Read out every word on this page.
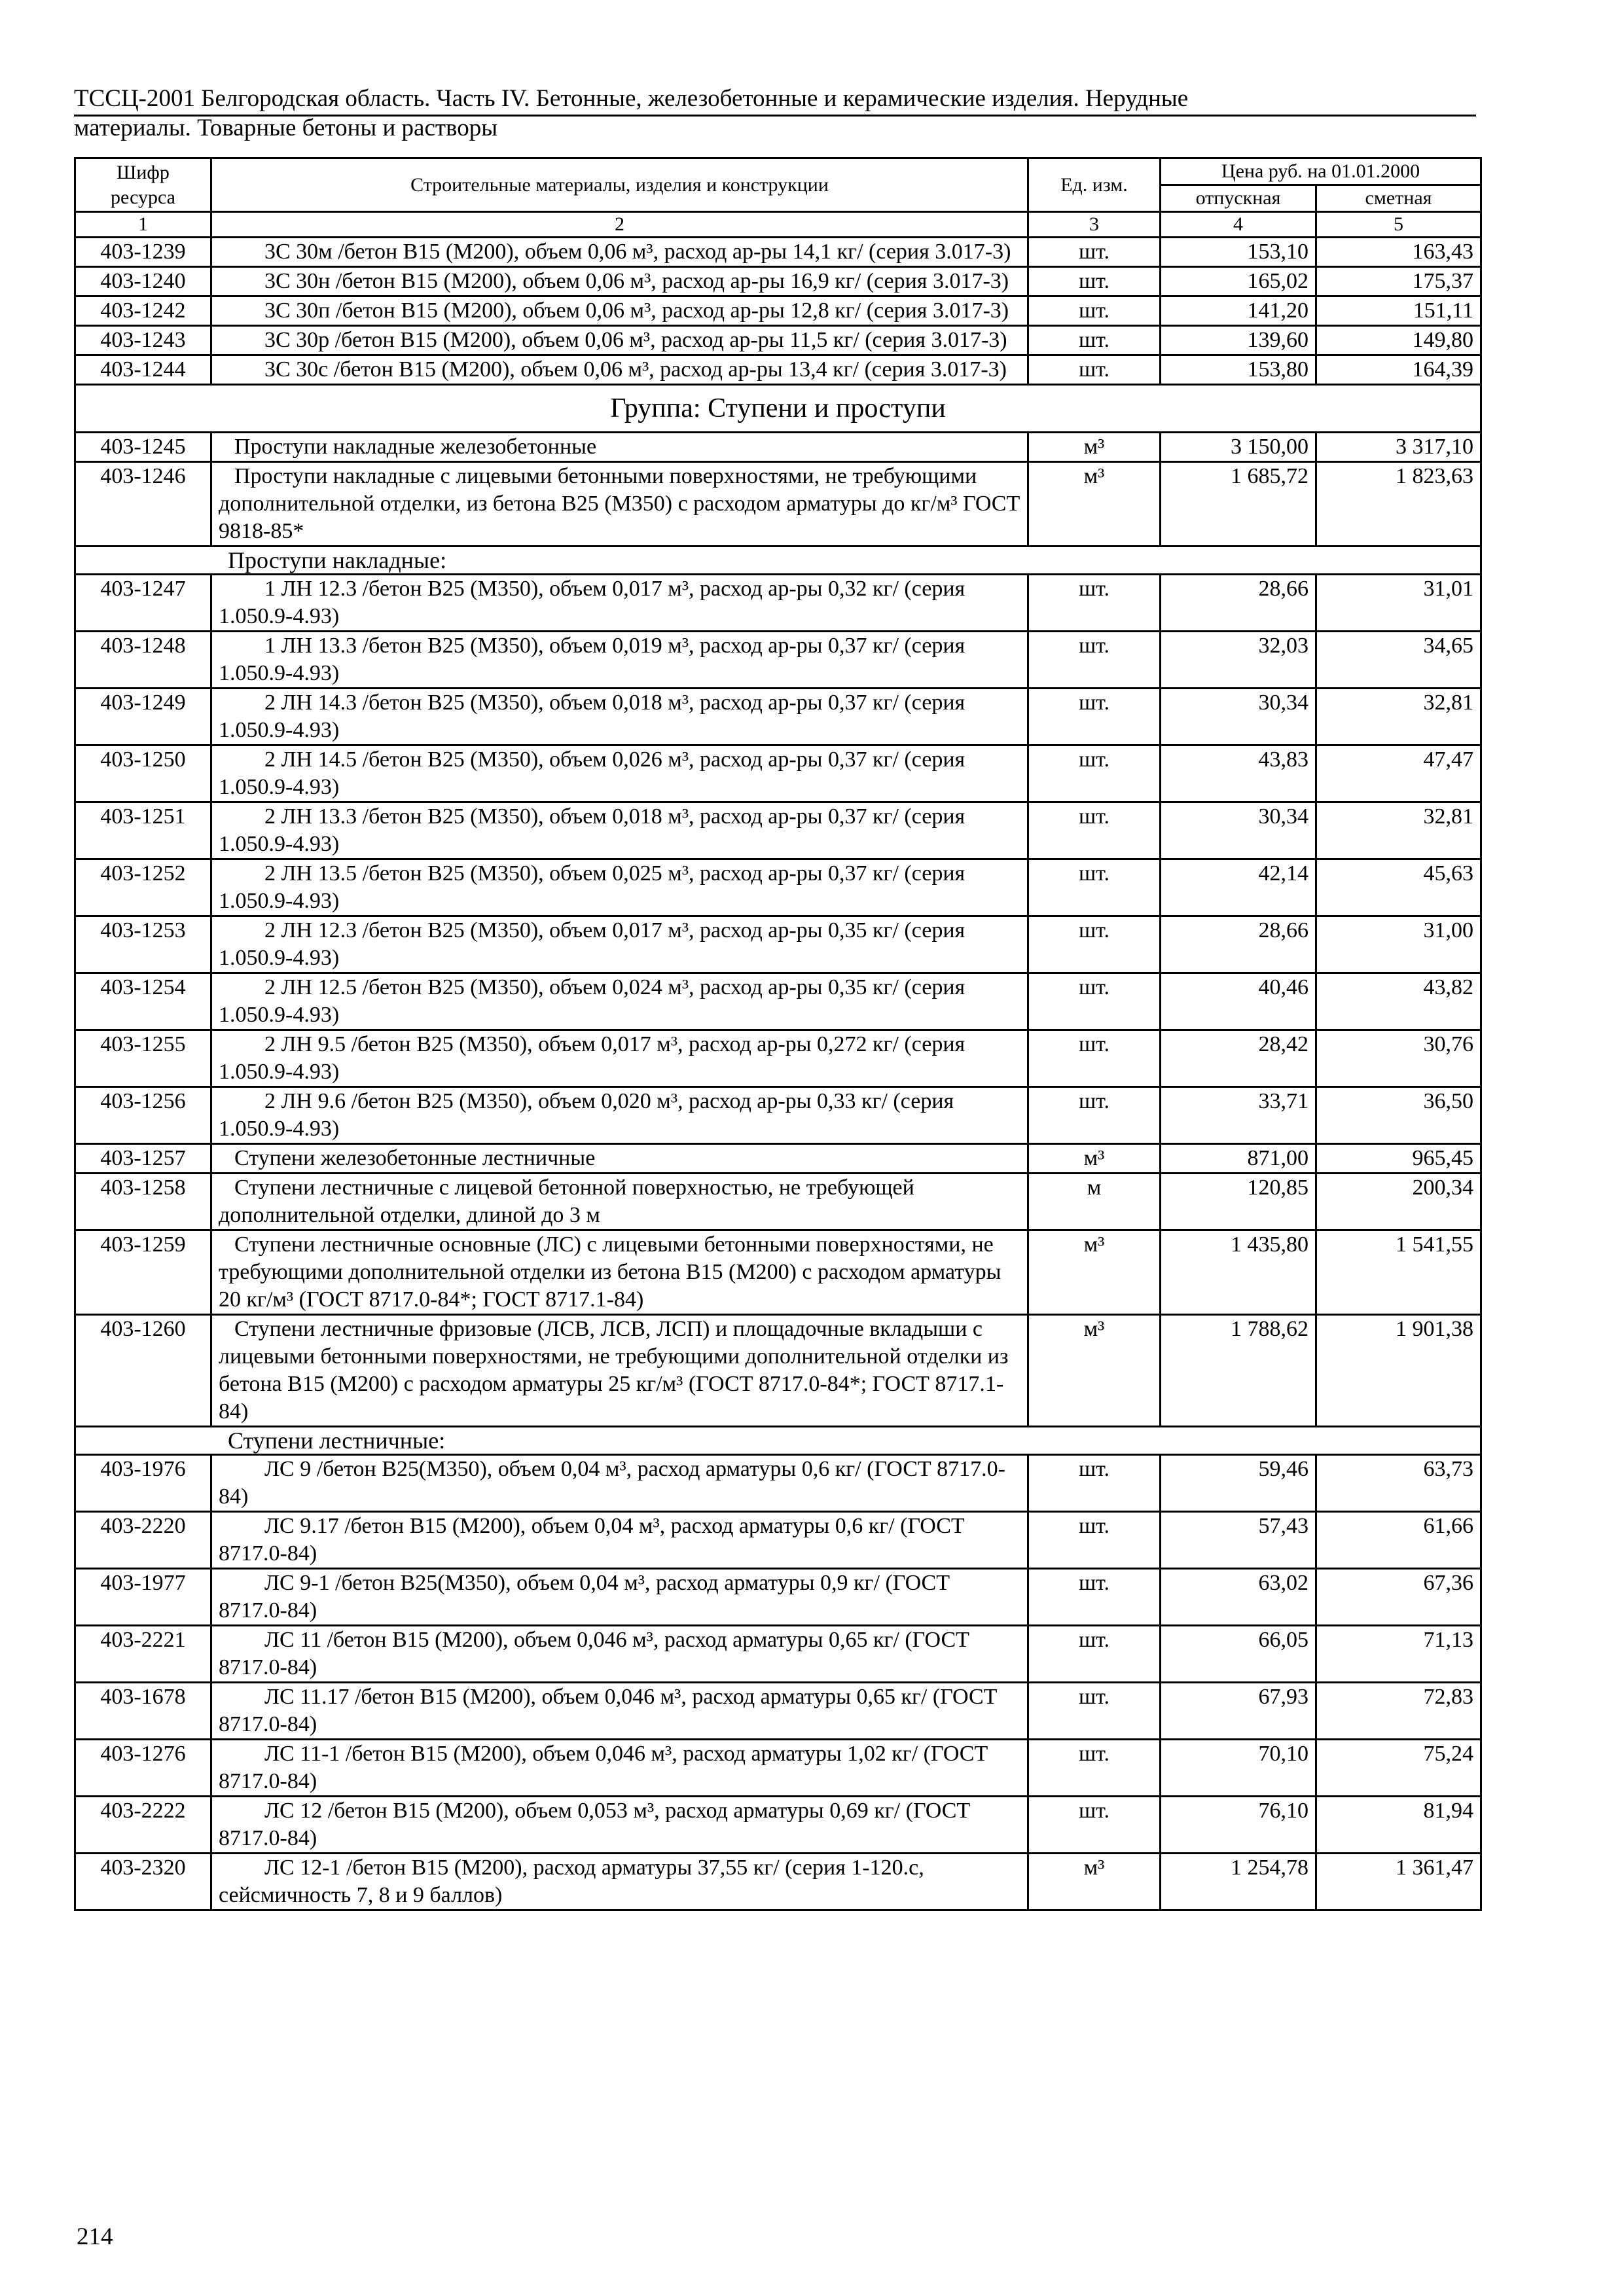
ТССЦ-2001 Белгородская область. Часть IV. Бетонные, железобетонные и керамические изделия. Нерудные
материалы. Товарные бетоны и растворы
Шифр ресурса	Строительные материалы, изделия и конструкции	Ед. изм.	Цена руб. на 01.01.2000	
			отпускная	сметная
1	2	3	4	5
403-1239	3С 30м /бетон В15 (М200), объем 0,06 м³, расход ар-ры 14,1 кг/ (серия 3.017-3)	шт.	153,10	163,43
403-1240	3С 30н /бетон В15 (М200), объем 0,06 м³, расход ар-ры 16,9 кг/ (серия 3.017-3)	шт.	165,02	175,37
403-1242	3С 30п /бетон В15 (М200), объем 0,06 м³, расход ар-ры 12,8 кг/ (серия 3.017-3)	шт.	141,20	151,11
403-1243	3С 30р /бетон В15 (М200), объем 0,06 м³, расход ар-ры 11,5 кг/ (серия 3.017-3)	шт.	139,60	149,80
403-1244	3С 30с /бетон В15 (М200), объем 0,06 м³, расход ар-ры 13,4 кг/ (серия 3.017-3)	шт.	153,80	164,39
Группа: Ступени и проступи				
403-1245	Проступи накладные железобетонные	м³	3 150,00	3 317,10
403-1246	Проступи накладные с лицевыми бетонными поверхностями, не требующими дополнительной отделки, из бетона В25 (М350) с расходом арматуры до кг/м³ ГОСТ 9818-85*	м³	1 685,72	1 823,63
Проступи накладные:				
403-1247	1 ЛН 12.3 /бетон В25 (М350), объем 0,017 м³, расход ар-ры 0,32 кг/ (серия 1.050.9-4.93)	шт.	28,66	31,01
403-1248	1 ЛН 13.3 /бетон В25 (М350), объем 0,019 м³, расход ар-ры 0,37 кг/ (серия 1.050.9-4.93)	шт.	32,03	34,65
403-1249	2 ЛН 14.3 /бетон В25 (М350), объем 0,018 м³, расход ар-ры 0,37 кг/ (серия 1.050.9-4.93)	шт.	30,34	32,81
403-1250	2 ЛН 14.5 /бетон В25 (М350), объем 0,026 м³, расход ар-ры 0,37 кг/ (серия 1.050.9-4.93)	шт.	43,83	47,47
403-1251	2 ЛН 13.3 /бетон В25 (М350), объем 0,018 м³, расход ар-ры 0,37 кг/ (серия 1.050.9-4.93)	шт.	30,34	32,81
403-1252	2 ЛН 13.5 /бетон В25 (М350), объем 0,025 м³, расход ар-ры 0,37 кг/ (серия 1.050.9-4.93)	шт.	42,14	45,63
403-1253	2 ЛН 12.3 /бетон В25 (М350), объем 0,017 м³, расход ар-ры 0,35 кг/ (серия 1.050.9-4.93)	шт.	28,66	31,00
403-1254	2 ЛН 12.5 /бетон В25 (М350), объем 0,024 м³, расход ар-ры 0,35 кг/ (серия 1.050.9-4.93)	шт.	40,46	43,82
403-1255	2 ЛН 9.5 /бетон В25 (М350), объем 0,017 м³, расход ар-ры 0,272 кг/ (серия 1.050.9-4.93)	шт.	28,42	30,76
403-1256	2 ЛН 9.6 /бетон В25 (М350), объем 0,020 м³, расход ар-ры 0,33 кг/ (серия 1.050.9-4.93)	шт.	33,71	36,50
403-1257	Ступени железобетонные лестничные	м³	871,00	965,45
403-1258	Ступени лестничные с лицевой бетонной поверхностью, не требующей дополнительной отделки, длиной до 3 м	м	120,85	200,34
403-1259	Ступени лестничные основные (ЛС) с лицевыми бетонными поверхностями, не требующими дополнительной отделки из бетона В15 (М200) с расходом арматуры 20 кг/м³ (ГОСТ 8717.0-84*; ГОСТ 8717.1-84)	м³	1 435,80	1 541,55
403-1260	Ступени лестничные фризовые (ЛСВ, ЛСВ, ЛСП) и площадочные вкладыши с лицевыми бетонными поверхностями, не требующими дополнительной отделки из бетона В15 (М200) с расходом арматуры 25 кг/м³ (ГОСТ 8717.0-84*; ГОСТ 8717.1-84)	м³	1 788,62	1 901,38
Ступени лестничные:				
403-1976	ЛС 9 /бетон В25(М350), объем 0,04 м³, расход арматуры 0,6 кг/ (ГОСТ 8717.0-84)	шт.	59,46	63,73
403-2220	ЛС 9.17 /бетон В15 (М200), объем 0,04 м³, расход арматуры 0,6 кг/ (ГОСТ 8717.0-84)	шт.	57,43	61,66
403-1977	ЛС 9-1 /бетон В25(М350), объем 0,04 м³, расход арматуры 0,9 кг/ (ГОСТ 8717.0-84)	шт.	63,02	67,36
403-2221	ЛС 11 /бетон В15 (М200), объем 0,046 м³, расход арматуры 0,65 кг/ (ГОСТ 8717.0-84)	шт.	66,05	71,13
403-1678	ЛС 11.17 /бетон В15 (М200), объем 0,046 м³, расход арматуры 0,65 кг/ (ГОСТ 8717.0-84)	шт.	67,93	72,83
403-1276	ЛС 11-1 /бетон В15 (М200), объем 0,046 м³, расход арматуры 1,02 кг/ (ГОСТ 8717.0-84)	шт.	70,10	75,24
403-2222	ЛС 12 /бетон В15 (М200), объем 0,053 м³, расход арматуры 0,69 кг/ (ГОСТ 8717.0-84)	шт.	76,10	81,94
403-2320	ЛС 12-1 /бетон В15 (М200), расход арматуры 37,55 кг/ (серия 1-120.с, сейсмичность 7, 8 и 9 баллов)	м³	1 254,78	1 361,47
214
